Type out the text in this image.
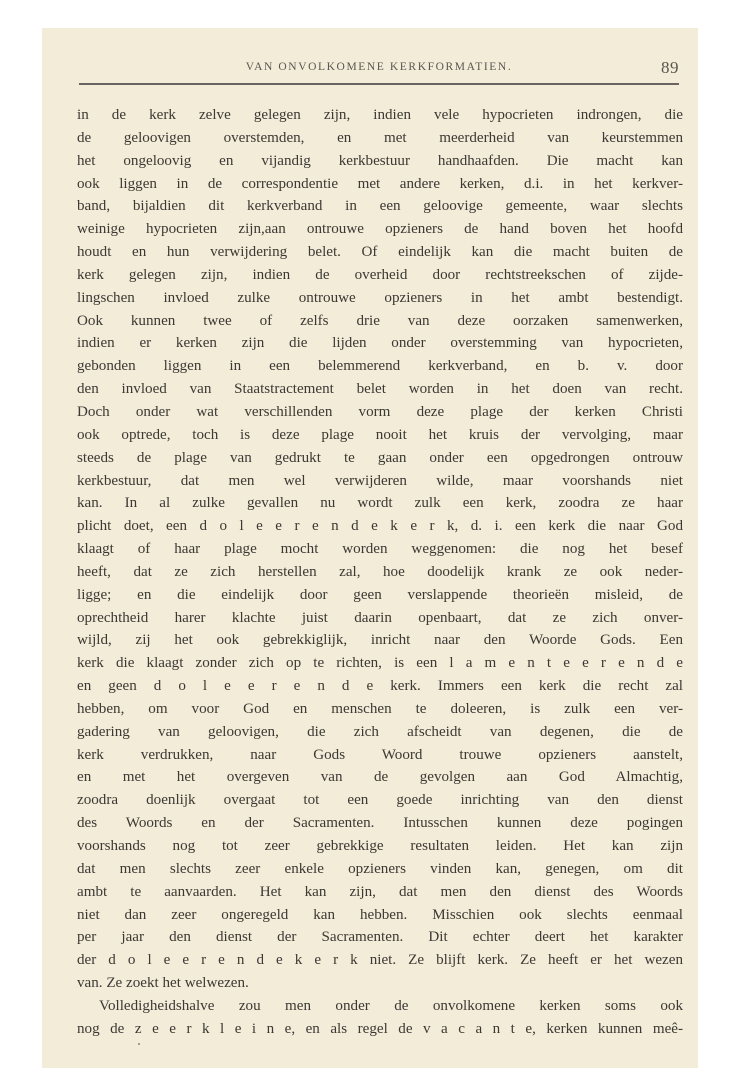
VAN ONVOLKOMENE KERKFORMATIEN.	89
in de kerk zelve gelegen zijn, indien vele hypocrieten indrongen, die
de geloovigen overstemden, en met meerderheid van keurstemmen
het ongeloovig en vijandig kerkbestuur handhaafden. Die macht kan
ook liggen in de correspondentie met andere kerken, d.i. in het kerkver-
band, bijaldien dit kerkverband in een geloovige gemeente, waar slechts
weinige hypocrieten zijn,aan ontrouwe opzieners de hand boven het hoofd
houdt en hun verwijdering belet. Of eindelijk kan die macht buiten de
kerk gelegen zijn, indien de overheid door rechtstreekschen of zijde-
lingschen invloed zulke ontrouwe opzieners in het ambt bestendigt.
Ook kunnen twee of zelfs drie van deze oorzaken samenwerken,
indien er kerken zijn die lijden onder overstemming van hypocrieten,
gebonden liggen in een belemmerend kerkverband, en b. v. door
den invloed van Staatstractement belet worden in het doen van recht.
Doch onder wat verschillenden vorm deze plage der kerken Christi
ook optrede, toch is deze plage nooit het kruis der vervolging, maar
steeds de plage van gedrukt te gaan onder een opgedrongen ontrouw
kerkbestuur, dat men wel verwijderen wilde, maar voorshands niet
kan. In al zulke gevallen nu wordt zulk een kerk, zoodra ze haar
plicht doet, een d o l e e r e n d e k e r k, d. i. een kerk die naar God
klaagt of haar plage mocht worden weggenomen: die nog het besef
heeft, dat ze zich herstellen zal, hoe doodelijk krank ze ook neder-
ligge; en die eindelijk door geen verslappende theorieën misleid, de
oprechtheid harer klachte juist daarin openbaart, dat ze zich onver-
wijld, zij het ook gebrekkiglijk, inricht naar den Woorde Gods. Een
kerk die klaagt zonder zich op te richten, is een l a m e n t e e r e n d e
en geen d o l e e r e n d e kerk. Immers een kerk die recht zal
hebben, om voor God en menschen te doleeren, is zulk een ver-
gadering van geloovigen, die zich afscheidt van degenen, die de
kerk verdrukken, naar Gods Woord trouwe opzieners aanstelt,
en met het overgeven van de gevolgen aan God Almachtig,
zoodra doenlijk overgaat tot een goede inrichting van den dienst
des Woords en der Sacramenten. Intusschen kunnen deze pogingen
voorshands nog tot zeer gebrekkige resultaten leiden. Het kan zijn
dat men slechts zeer enkele opzieners vinden kan, genegen, om dit
ambt te aanvaarden. Het kan zijn, dat men den dienst des Woords
niet dan zeer ongeregeld kan hebben. Misschien ook slechts eenmaal
per jaar den dienst der Sacramenten. Dit echter deert het karakter
der d o l e e r e n d e k e r k niet. Ze blijft kerk. Ze heeft er het wezen
van. Ze zoekt het welwezen.
Volledigheidshalve zou men onder de onvolkomene kerken soms ook
nog de z e e r k l e i n e, en als regel de v a c a n t e, kerken kunnen meê-
